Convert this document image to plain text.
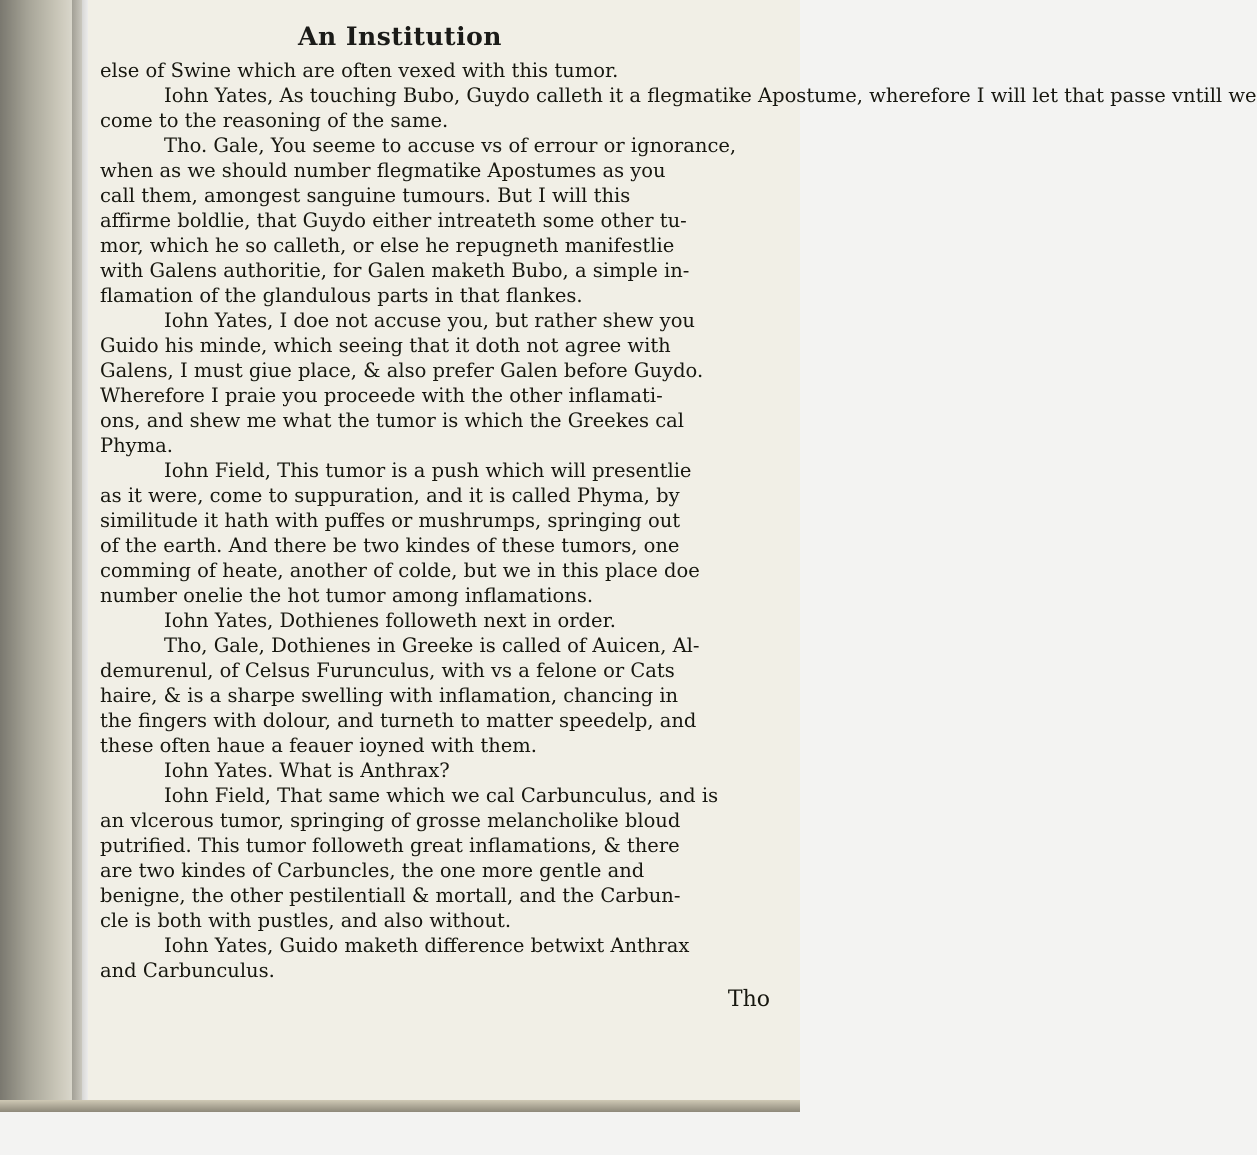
An Institution
else of Swine which are often vexed with this tumor.
Iohn Yates, As touching Bubo, Guydo calleth it a flegmatike Apostume, wherefore I will let that passe vntill we
come to the reasoning of the same.
Tho. Gale, You seeme to accuse vs of errour or ignorance,
when as we should number flegmatike Apostumes as you
call them, amongest sanguine tumours. But I will this
affirme boldlie, that Guydo either intreateth some other tu-
mor, which he so calleth, or else he repugneth manifestlie
with Galens authoritie, for Galen maketh Bubo, a simple in-
flamation of the glandulous parts in that flankes.
Iohn Yates, I doe not accuse you, but rather shew you
Guido his minde, which seeing that it doth not agree with
Galens, I must giue place, & also prefer Galen before Guydo.
Wherefore I praie you proceede with the other inflamati-
ons, and shew me what the tumor is which the Greekes cal
Phyma.
Iohn Field, This tumor is a push which will presentlie
as it were, come to suppuration, and it is called Phyma, by
similitude it hath with puffes or mushrumps, springing out
of the earth. And there be two kindes of these tumors, one
comming of heate, another of colde, but we in this place doe
number onelie the hot tumor among inflamations.
Iohn Yates, Dothienes followeth next in order.
Tho, Gale, Dothienes in Greeke is called of Auicen, Al-
demurenul, of Celsus Furunculus, with vs a felone or Cats
haire, & is a sharpe swelling with inflamation, chancing in
the fingers with dolour, and turneth to matter speedelp, and
these often haue a feauer ioyned with them.
Iohn Yates. What is Anthrax?
Iohn Field, That same which we cal Carbunculus, and is
an vlcerous tumor, springing of grosse melancholike bloud
putrified. This tumor followeth great inflamations, & there
are two kindes of Carbuncles, the one more gentle and
benigne, the other pestilentiall & mortall, and the Carbun-
cle is both with pustles, and also without.
Iohn Yates, Guido maketh difference betwixt Anthrax
and Carbunculus.
Tho
